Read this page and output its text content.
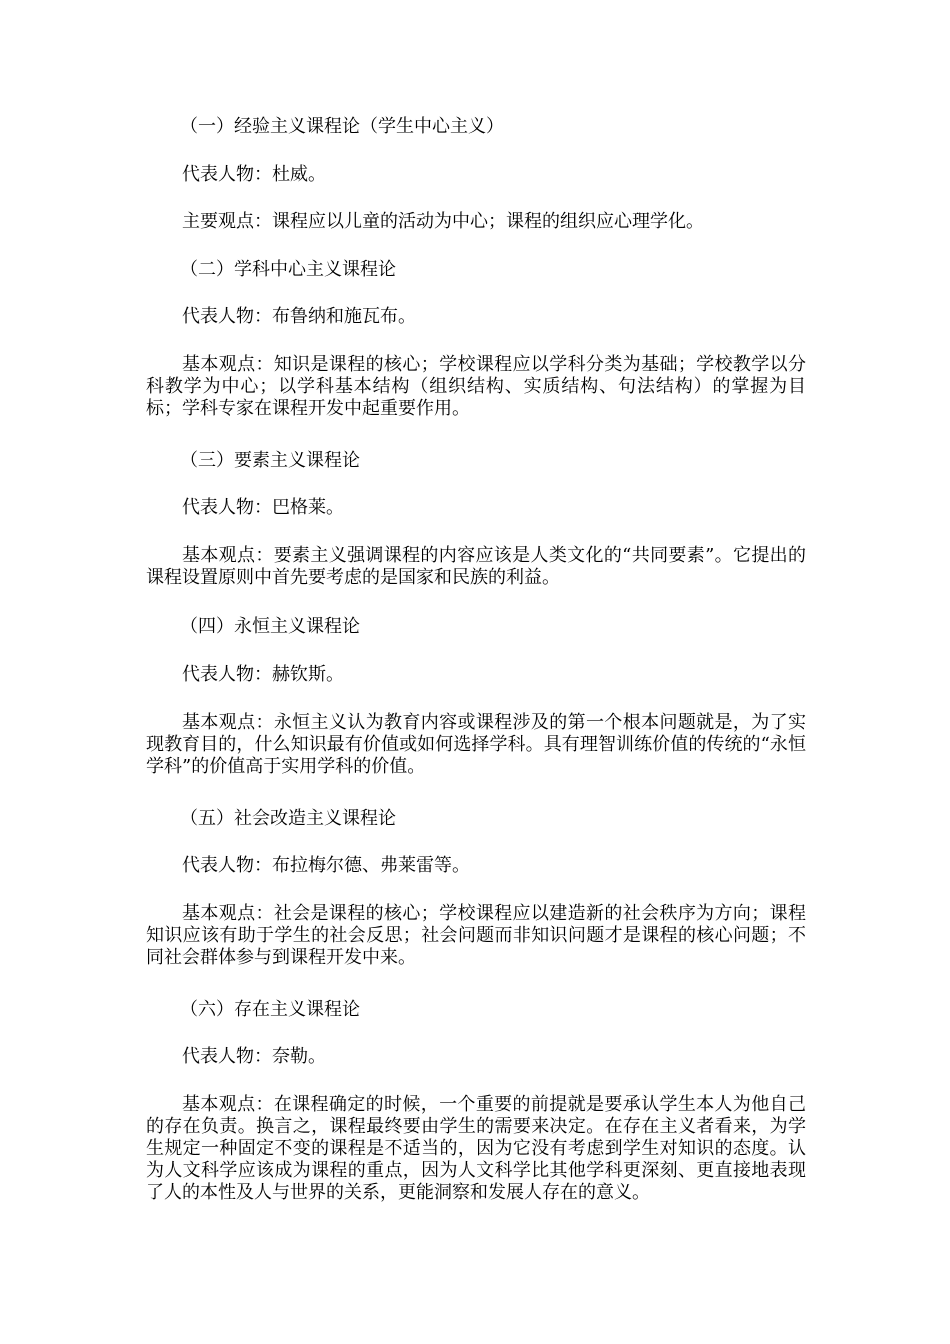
（一）经验主义课程论（学生中心主义）

代表人物：杜威。

主要观点：课程应以儿童的活动为中心；课程的组织应心理学化。

（二）学科中心主义课程论

代表人物：布鲁纳和施瓦布。

基本观点：知识是课程的核心；学校课程应以学科分类为基础；学校教学以分科教学为中心；以学科基本结构（组织结构、实质结构、句法结构）的掌握为目标；学科专家在课程开发中起重要作用。

（三）要素主义课程论

代表人物：巴格莱。

基本观点：要素主义强调课程的内容应该是人类文化的“共同要素”。它提出的课程设置原则中首先要考虑的是国家和民族的利益。

（四）永恒主义课程论

代表人物：赫钦斯。

基本观点：永恒主义认为教育内容或课程涉及的第一个根本问题就是，为了实现教育目的，什么知识最有价值或如何选择学科。具有理智训练价值的传统的“永恒学科”的价值高于实用学科的价值。

（五）社会改造主义课程论

代表人物：布拉梅尔德、弗莱雷等。

基本观点：社会是课程的核心；学校课程应以建造新的社会秩序为方向；课程知识应该有助于学生的社会反思；社会问题而非知识问题才是课程的核心问题；不同社会群体参与到课程开发中来。

（六）存在主义课程论

代表人物：奈勒。

基本观点：在课程确定的时候，一个重要的前提就是要承认学生本人为他自己的存在负责。换言之，课程最终要由学生的需要来决定。在存在主义者看来，为学生规定一种固定不变的课程是不适当的，因为它没有考虑到学生对知识的态度。认为人文科学应该成为课程的重点，因为人文科学比其他学科更深刻、更直接地表现了人的本性及人与世界的关系，更能洞察和发展人存在的意义。
